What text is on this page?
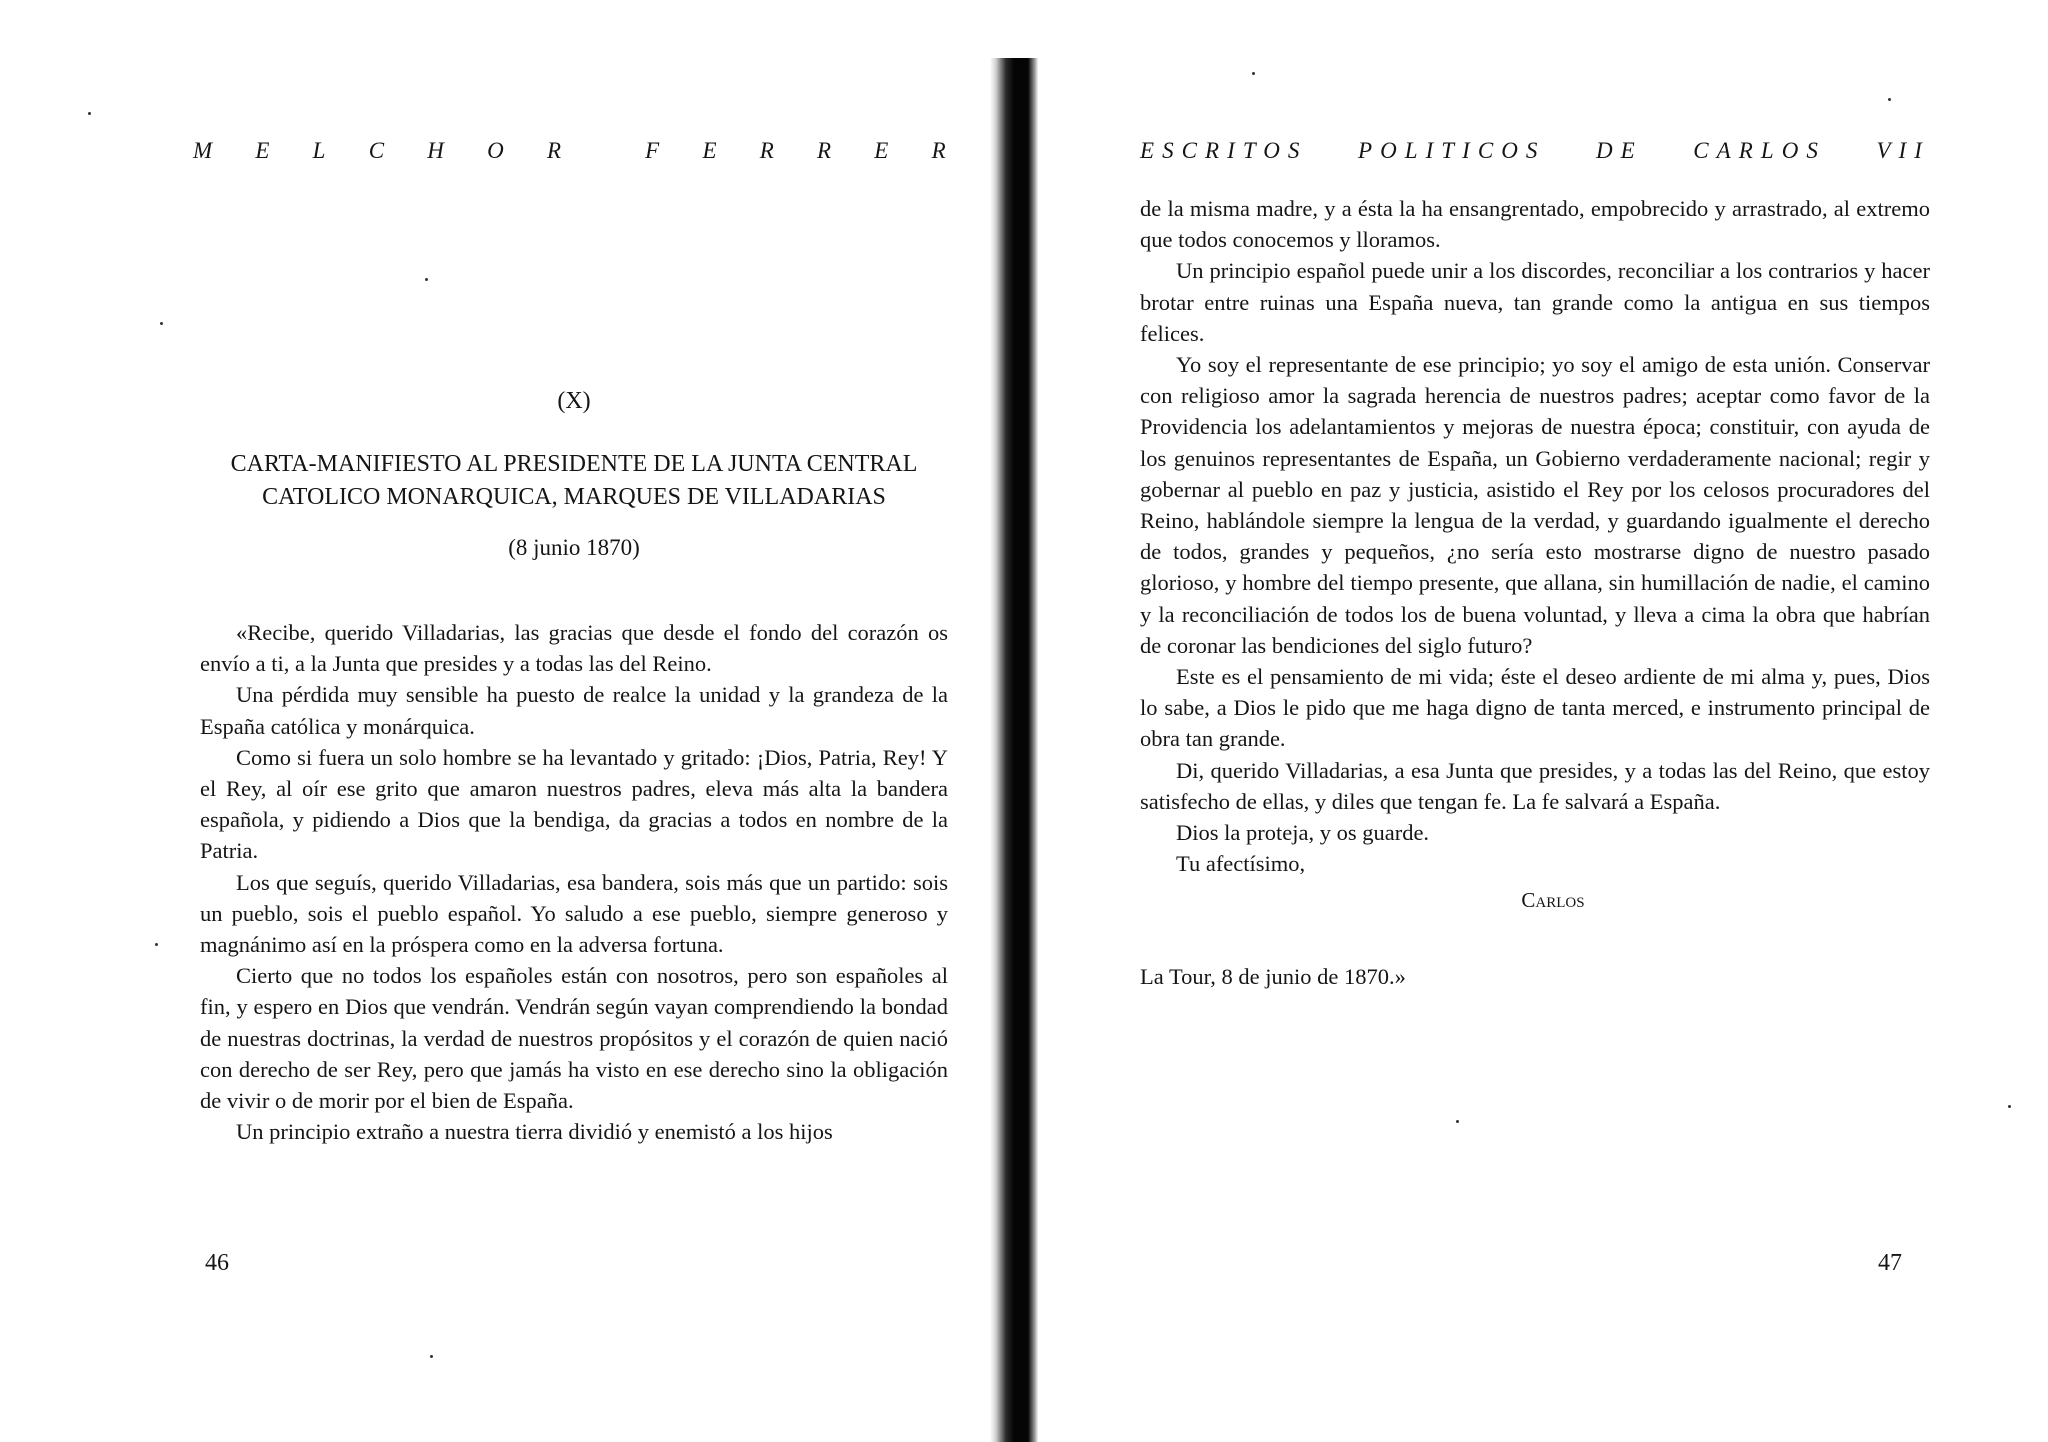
M E L C H O R	F E R R E R
(X)
CARTA-MANIFIESTO AL PRESIDENTE DE LA JUNTA CENTRAL
CATOLICO MONARQUICA, MARQUES DE VILLADARIAS
(8 junio 1870)

«Recibe, querido Villadarias, las gracias que desde el fondo del corazón os envío a ti, a la Junta que presides y a todas las del Reino.

Una pérdida muy sensible ha puesto de realce la unidad y la grandeza de la España católica y monárquica.

Como si fuera un solo hombre se ha levantado y gritado: ¡Dios, Patria, Rey! Y el Rey, al oír ese grito que amaron nuestros padres, eleva más alta la bandera española, y pidiendo a Dios que la bendiga, da gracias a todos en nombre de la Patria.

Los que seguís, querido Villadarias, esa bandera, sois más que un partido: sois un pueblo, sois el pueblo español. Yo saludo a ese pueblo, siempre generoso y magnánimo así en la próspera como en la adversa fortuna.

Cierto que no todos los españoles están con nosotros, pero son españoles al fin, y espero en Dios que vendrán. Vendrán según vayan comprendiendo la bondad de nuestras doctrinas, la verdad de nuestros propósitos y el corazón de quien nació con derecho de ser Rey, pero que jamás ha visto en ese derecho sino la obligación de vivir o de morir por el bien de España.

Un principio extraño a nuestra tierra dividió y enemistó a los hijos

46
ESCRITOS POLITICOS DE CARLOS VII

de la misma madre, y a ésta la ha ensangrentado, empobrecido y arrastrado, al extremo que todos conocemos y lloramos.

Un principio español puede unir a los discordes, reconciliar a los contrarios y hacer brotar entre ruinas una España nueva, tan grande como la antigua en sus tiempos felices.

Yo soy el representante de ese principio; yo soy el amigo de esta unión. Conservar con religioso amor la sagrada herencia de nuestros padres; aceptar como favor de la Providencia los adelantamientos y mejoras de nuestra época; constituir, con ayuda de los genuinos representantes de España, un Gobierno verdaderamente nacional; regir y gobernar al pueblo en paz y justicia, asistido el Rey por los celosos procuradores del Reino, hablándole siempre la lengua de la verdad, y guardando igualmente el derecho de todos, grandes y pequeños, ¿no sería esto mostrarse digno de nuestro pasado glorioso, y hombre del tiempo presente, que allana, sin humillación de nadie, el camino y la reconciliación de todos los de buena voluntad, y lleva a cima la obra que habrían de coronar las bendiciones del siglo futuro?

Este es el pensamiento de mi vida; éste el deseo ardiente de mi alma y, pues, Dios lo sabe, a Dios le pido que me haga digno de tanta merced, e instrumento principal de obra tan grande.

Di, querido Villadarias, a esa Junta que presides, y a todas las del Reino, que estoy satisfecho de ellas, y diles que tengan fe. La fe salvará a España.

Dios la proteja, y os guarde.

Tu afectísimo,

Carlos

La Tour, 8 de junio de 1870.»

47
